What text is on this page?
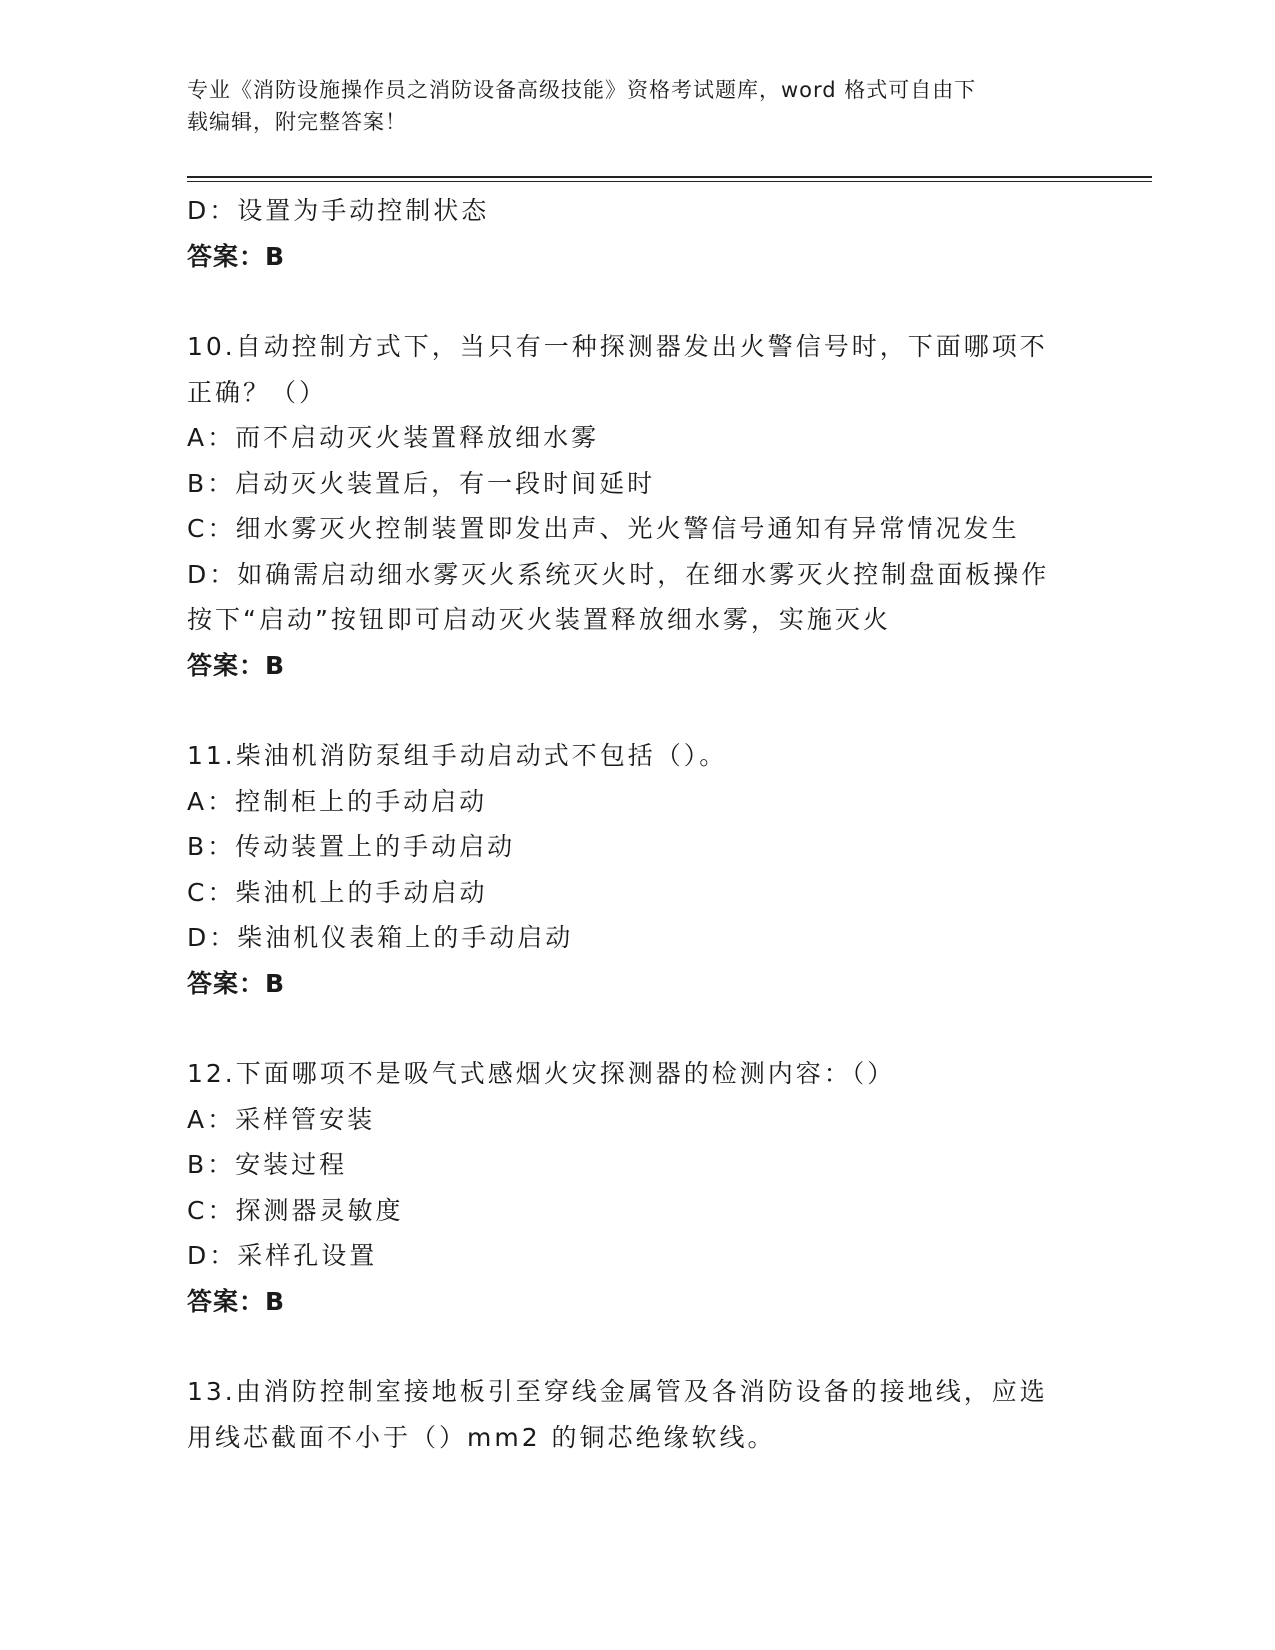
专业《消防设施操作员之消防设备高级技能》资格考试题库，word 格式可自由下
载编辑，附完整答案！
D：设置为手动控制状态
答案：B
10.自动控制方式下，当只有一种探测器发出火警信号时，下面哪项不
正确？（）
A：而不启动灭火装置释放细水雾
B：启动灭火装置后，有一段时间延时
C：细水雾灭火控制装置即发出声、光火警信号通知有异常情况发生
D：如确需启动细水雾灭火系统灭火时，在细水雾灭火控制盘面板操作
按下“启动”按钮即可启动灭火装置释放细水雾，实施灭火
答案：B
11.柴油机消防泵组手动启动式不包括（）。
A：控制柜上的手动启动
B：传动装置上的手动启动
C：柴油机上的手动启动
D：柴油机仪表箱上的手动启动
答案：B
12.下面哪项不是吸气式感烟火灾探测器的检测内容：（）
A：采样管安装
B：安装过程
C：探测器灵敏度
D：采样孔设置
答案：B
13.由消防控制室接地板引至穿线金属管及各消防设备的接地线，应选
用线芯截面不小于（）mm2 的铜芯绝缘软线。
